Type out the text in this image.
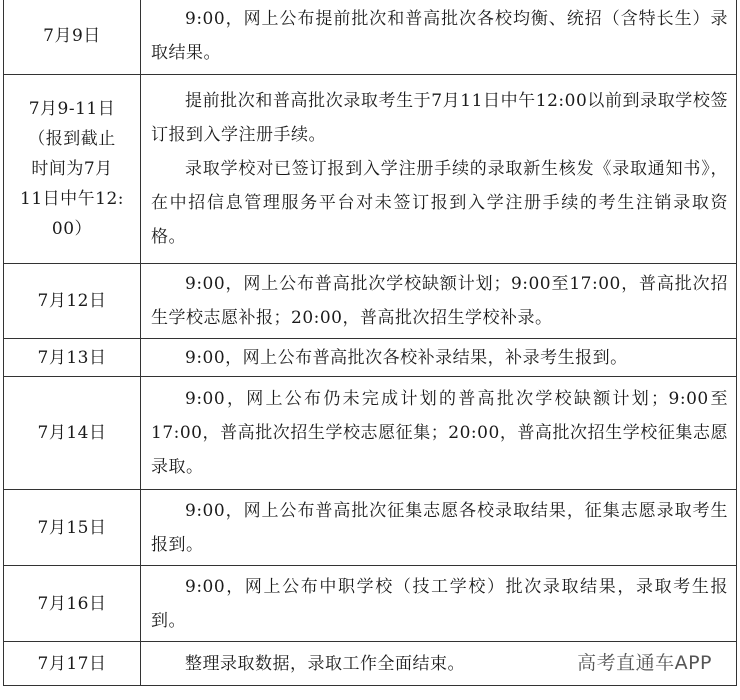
7月9日	9:00，网上公布提前批次和普高批次各校均衡、统招（含特长生）录取结果。

7月9-11日
（报到截止
时间为7月
11日中午12:
00）	提前批次和普高批次录取考生于7月11日中午12:00以前到录取学校签订报到入学注册手续。
录取学校对已签订报到入学注册手续的录取新生核发《录取通知书》，在中招信息管理服务平台对未签订报到入学注册手续的考生注销录取资格。

7月12日	9:00，网上公布普高批次学校缺额计划；9:00至17:00，普高批次招生学校志愿补报；20:00，普高批次招生学校补录。

7月13日	9:00，网上公布普高批次各校补录结果，补录考生报到。

7月14日	9:00，网上公布仍未完成计划的普高批次学校缺额计划；9:00至17:00，普高批次招生学校志愿征集；20:00，普高批次招生学校征集志愿录取。

7月15日	9:00，网上公布普高批次征集志愿各校录取结果，征集志愿录取考生报到。

7月16日	9:00，网上公布中职学校（技工学校）批次录取结果，录取考生报到。

7月17日	整理录取数据，录取工作全面结束。	高考直通车APP
